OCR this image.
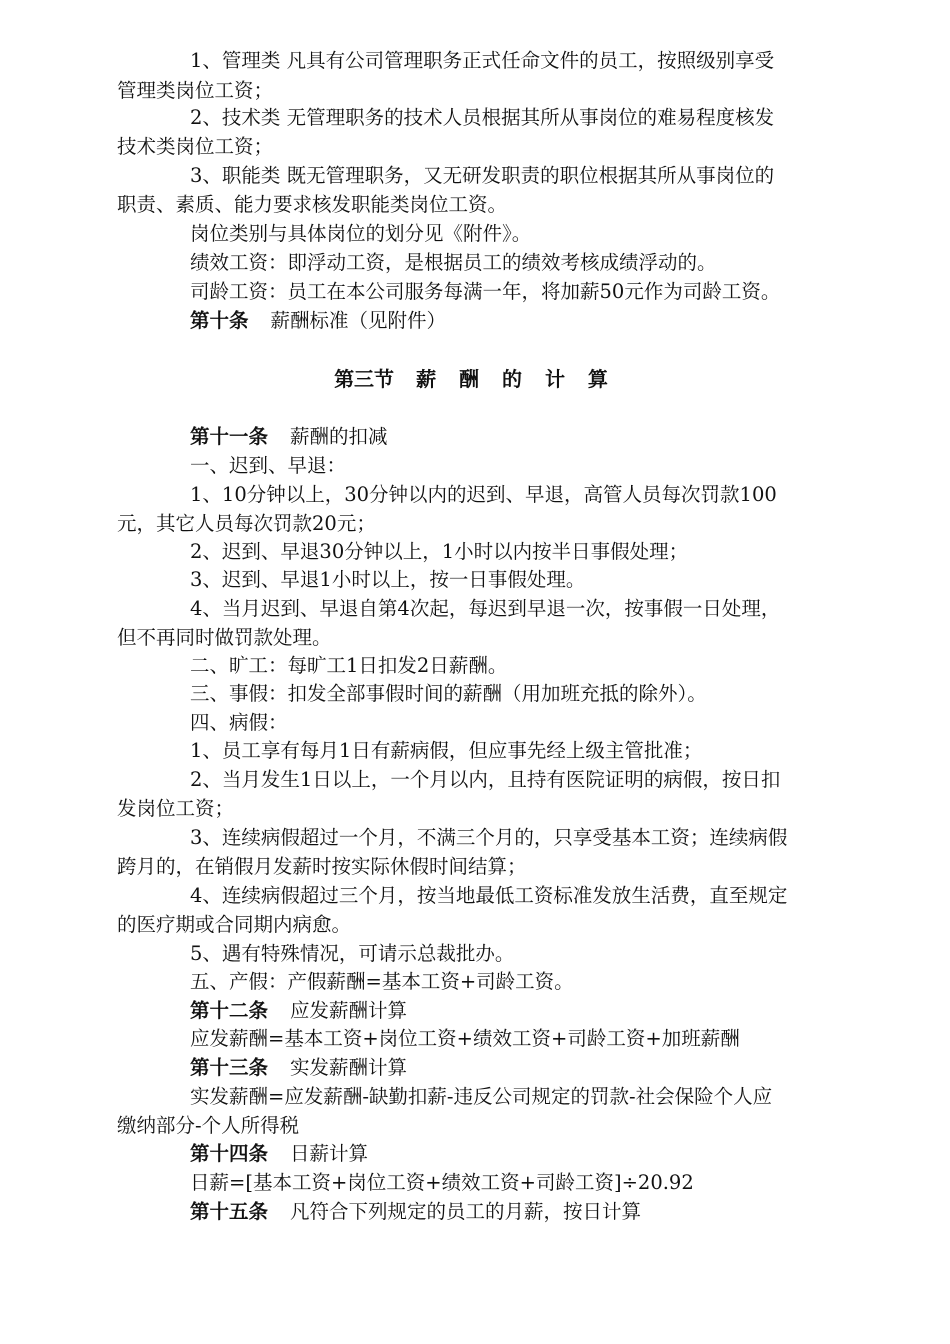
1、管理类 凡具有公司管理职务正式任命文件的员工，按照级别享受
管理类岗位工资；
2、技术类 无管理职务的技术人员根据其所从事岗位的难易程度核发
技术类岗位工资；
3、职能类 既无管理职务，又无研发职责的职位根据其所从事岗位的
职责、素质、能力要求核发职能类岗位工资。
岗位类别与具体岗位的划分见《附件》。
绩效工资：即浮动工资，是根据员工的绩效考核成绩浮动的。
司龄工资：员工在本公司服务每满一年，将加薪50元作为司龄工资。
第十条 薪酬标准（见附件）
第三节 薪 酬 的 计 算
第十一条 薪酬的扣减
一、迟到、早退：
1、10分钟以上，30分钟以内的迟到、早退，高管人员每次罚款100
元，其它人员每次罚款20元；
2、迟到、早退30分钟以上，1小时以内按半日事假处理；
3、迟到、早退1小时以上，按一日事假处理。
4、当月迟到、早退自第4次起，每迟到早退一次，按事假一日处理，
但不再同时做罚款处理。
二、旷工：每旷工1日扣发2日薪酬。
三、事假：扣发全部事假时间的薪酬（用加班充抵的除外）。
四、病假：
1、员工享有每月1日有薪病假，但应事先经上级主管批准；
2、当月发生1日以上，一个月以内，且持有医院证明的病假，按日扣
发岗位工资；
3、连续病假超过一个月，不满三个月的，只享受基本工资；连续病假
跨月的，在销假月发薪时按实际休假时间结算；
4、连续病假超过三个月，按当地最低工资标准发放生活费，直至规定
的医疗期或合同期内病愈。
5、遇有特殊情况，可请示总裁批办。
五、产假：产假薪酬=基本工资+司龄工资。
第十二条 应发薪酬计算
应发薪酬=基本工资+岗位工资+绩效工资+司龄工资+加班薪酬
第十三条 实发薪酬计算
实发薪酬=应发薪酬-缺勤扣薪-违反公司规定的罚款-社会保险个人应
缴纳部分-个人所得税
第十四条 日薪计算
日薪=[基本工资+岗位工资+绩效工资+司龄工资]÷20.92
第十五条 凡符合下列规定的员工的月薪，按日计算
